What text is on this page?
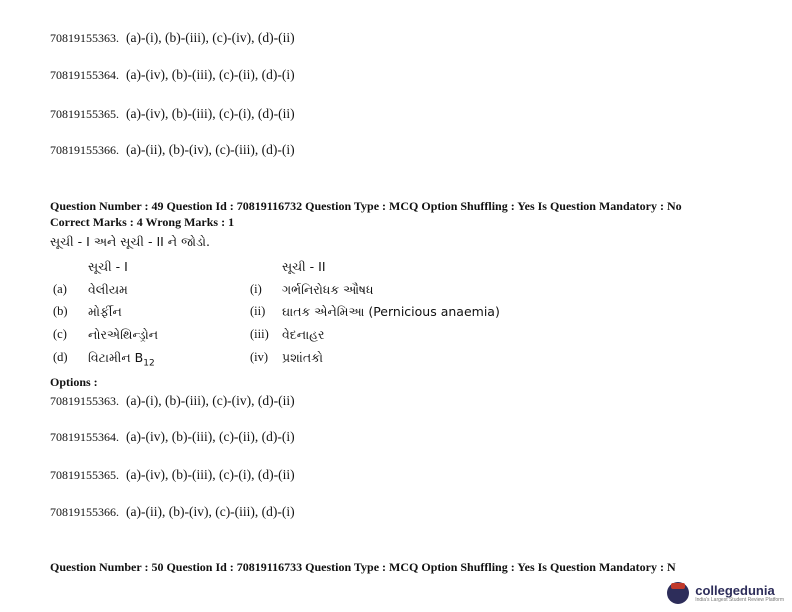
70819155363. (a)-(i), (b)-(iii), (c)-(iv), (d)-(ii)
70819155364. (a)-(iv), (b)-(iii), (c)-(ii), (d)-(i)
70819155365. (a)-(iv), (b)-(iii), (c)-(i), (d)-(ii)
70819155366. (a)-(ii), (b)-(iv), (c)-(iii), (d)-(i)
Question Number : 49 Question Id : 70819116732 Question Type : MCQ Option Shuffling : Yes Is Question Mandatory : No
Correct Marks : 4 Wrong Marks : 1
સૂચી - I અને સૂચી - II ને જોડો.
સૂચી - I	સૂચી - II
(a) વેલીયમ	(i) ગર્ભનિરોધક ઔષધ
(b) મોર્ફીન	(ii) ઘાતક એનેમિઆ (Pernicious anaemia)
(c) નોરએથિન્ડ્રોન	(iii) વેદનાહર
(d) વિટામીન $B_{12}$	(iv) પ્રશાંતકો
Options :
70819155363. (a)-(i), (b)-(iii), (c)-(iv), (d)-(ii)
70819155364. (a)-(iv), (b)-(iii), (c)-(ii), (d)-(i)
70819155365. (a)-(iv), (b)-(iii), (c)-(i), (d)-(ii)
70819155366. (a)-(ii), (b)-(iv), (c)-(iii), (d)-(i)
Question Number : 50 Question Id : 70819116733 Question Type : MCQ Option Shuffling : Yes Is Question Mandatory : N
collegedunia
India's Largest Student Review Platform
